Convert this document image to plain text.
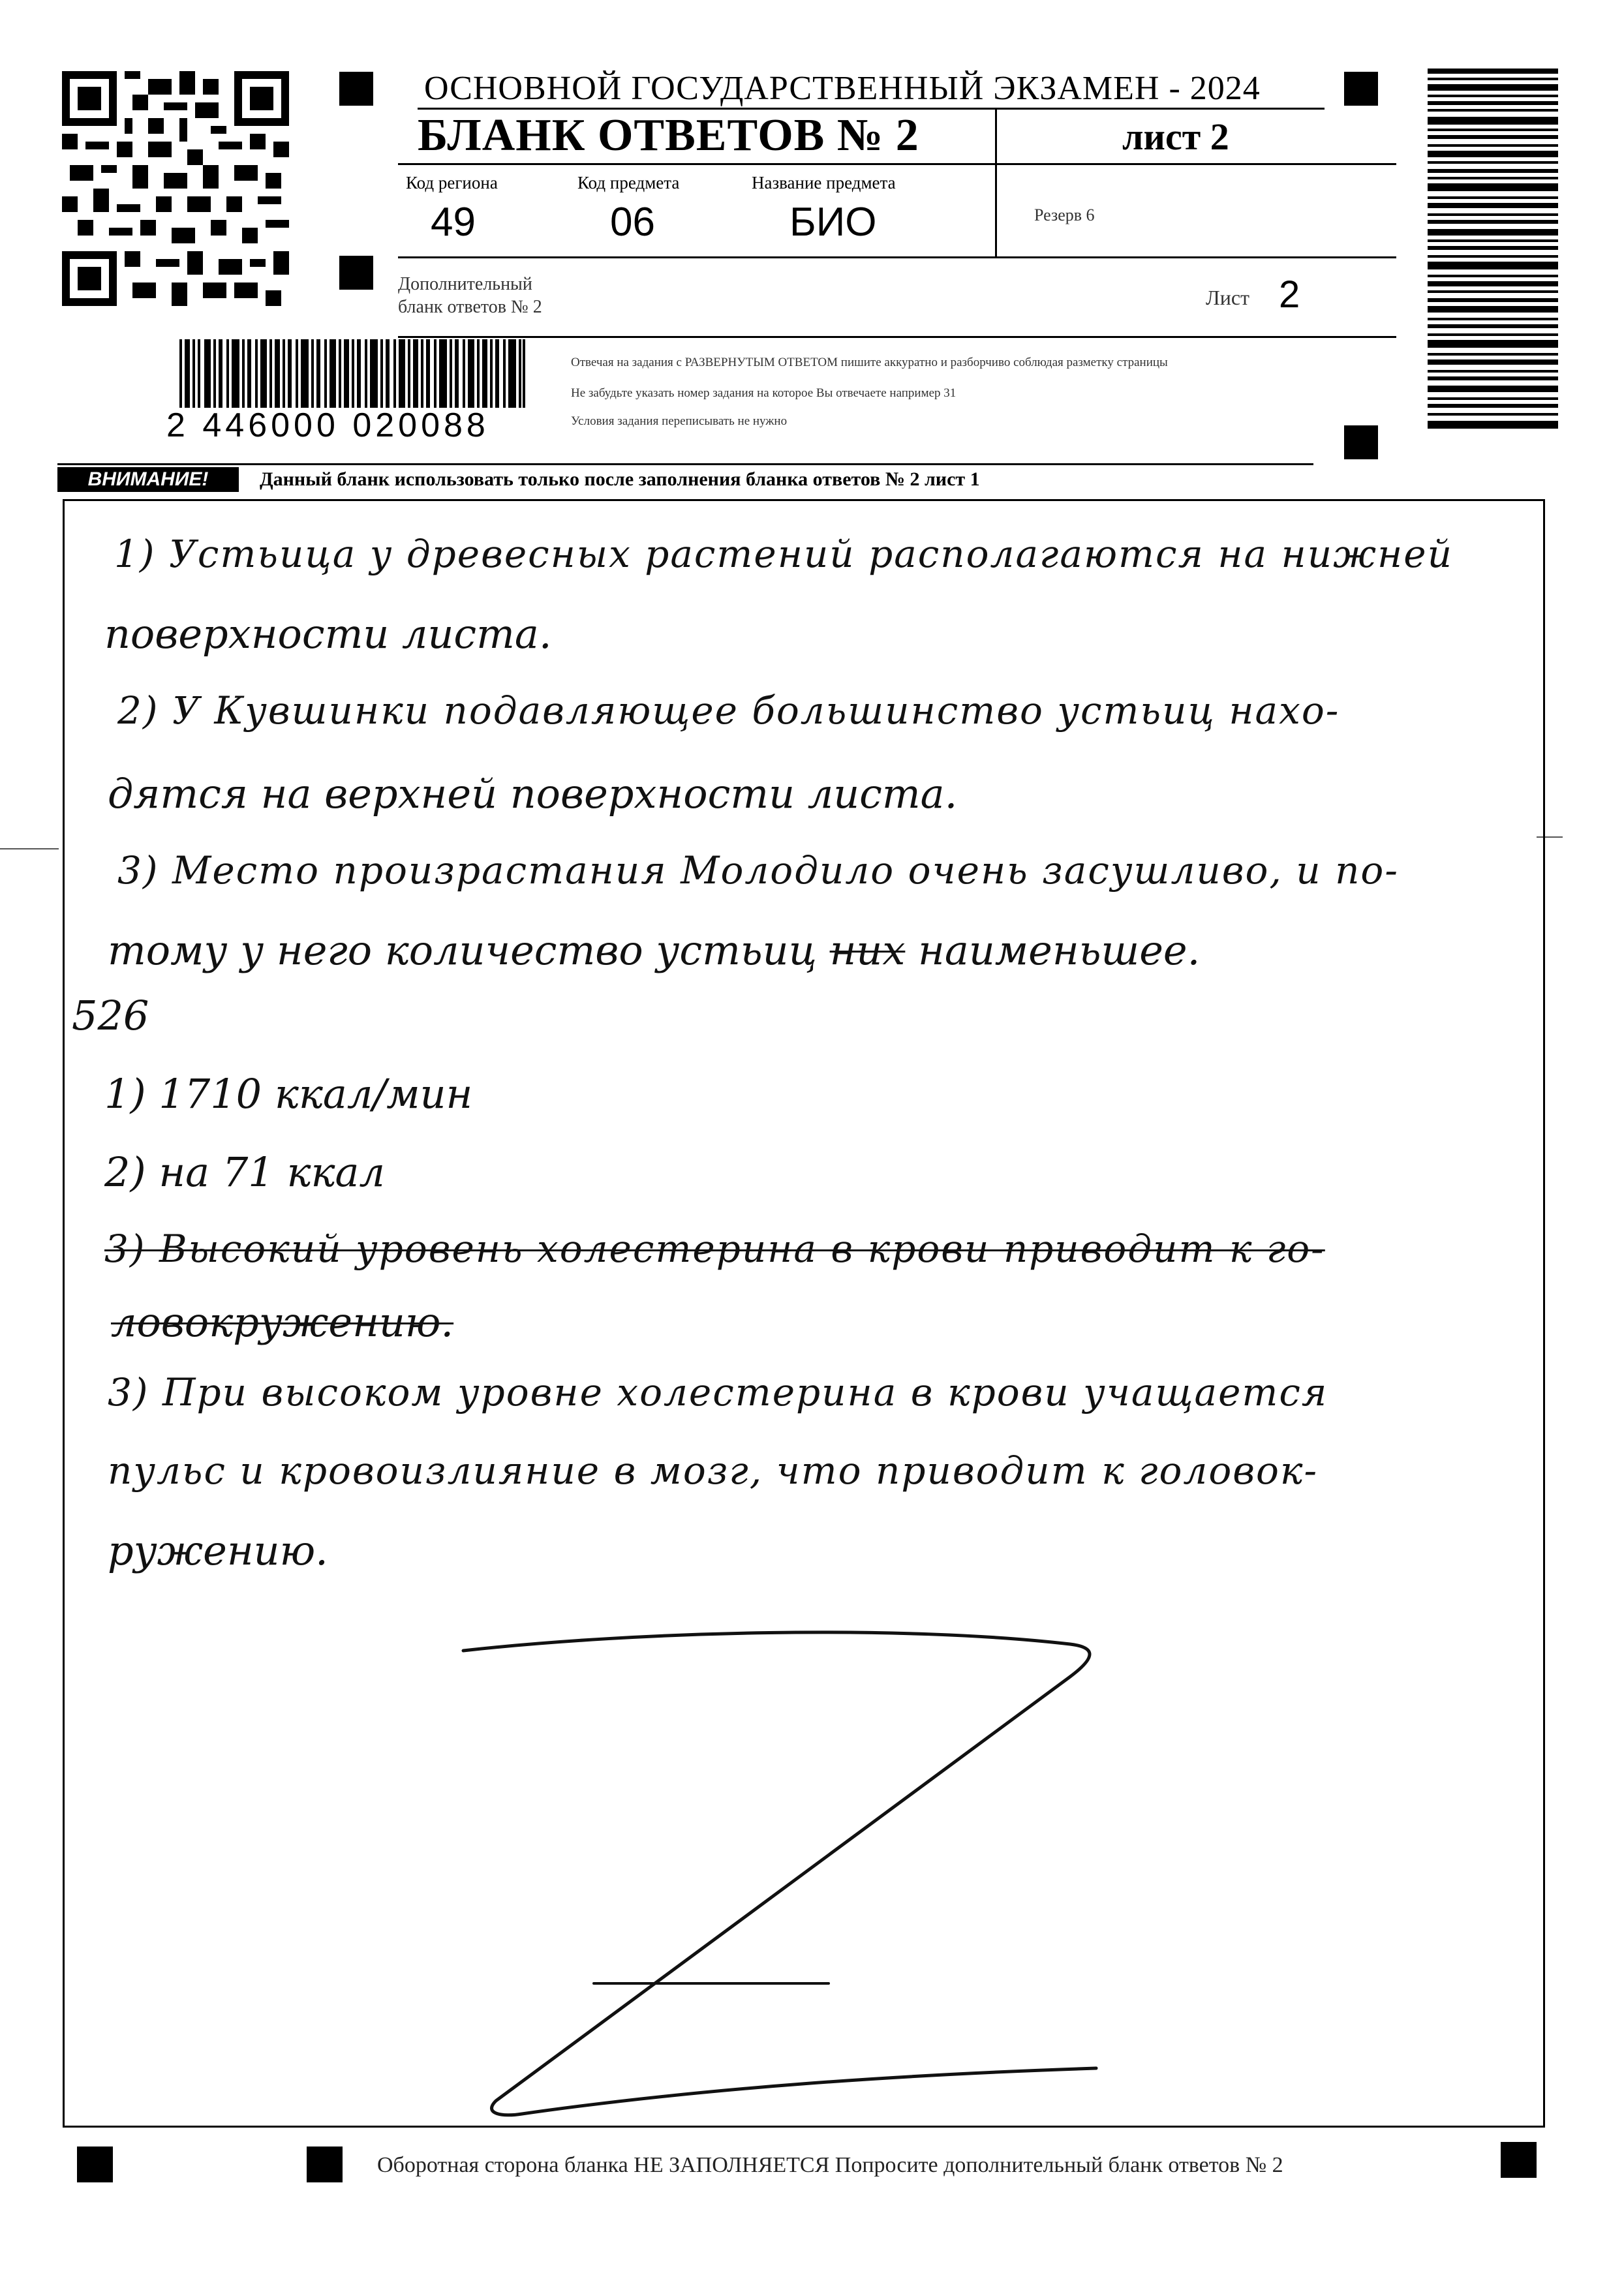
ОСНОВНОЙ ГОСУДАРСТВЕННЫЙ ЭКЗАМЕН - 2024
БЛАНК ОТВЕТОВ № 2	лист 2
Код региона
49
Код предмета
06
Название предмета
БИО	Резерв 6
Дополнительный
бланк ответов № 2	Лист 2
2 446000 020088
Отвечая на задания с РАЗВЕРНУТЫМ ОТВЕТОМ пишите аккуратно и разборчиво соблюдая разметку страницы
Не забудьте указать номер задания на которое Вы отвечаете например 31
Условия задания переписывать не нужно
ВНИМАНИЕ!	Данный бланк использовать только после заполнения бланка ответов № 2 лист 1
1) Устьица у древесных растений располагаются на нижней
поверхности листа.
2) У Кувшинки подавляющее большинство устьиц нахо-
дятся на верхней поверхности листа.
3) Место произрастания Молодило очень засушливо, и по-
тому у него количество устьиц них наименьшее.
526
1) 1710 ккал/мин
2) на 71 ккал
3) Высокий уровень холестерина в крови приводит к го-
ловокружению.
3) При высоком уровне холестерина в крови учащается
пульс и кровоизлияние в мозг, что приводит к головок-
ружению.
Оборотная сторона бланка НЕ ЗАПОЛНЯЕТСЯ Попросите дополнительный бланк ответов № 2
